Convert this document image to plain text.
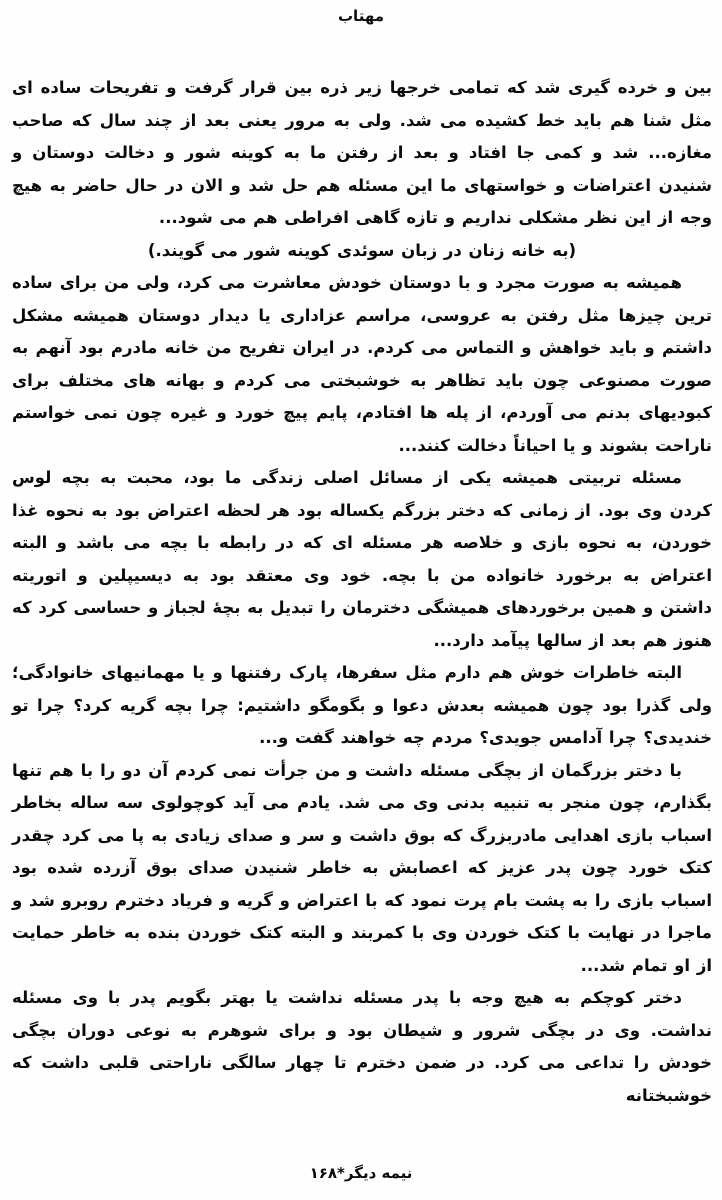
مهتاب

بین و خرده گیری شد که تمامی خرجها زیر ذره بین قرار گرفت و تفریحات ساده ای مثل شنا هم باید خط کشیده می شد. ولی به مرور یعنی بعد از چند سال که صاحب مغازه... شد و کمی جا افتاد و بعد از رفتن ما به کوینه شور و دخالت دوستان و شنیدن اعتراضات و خواستهای ما این مسئله هم حل شد و الان در حال حاضر به هیچ وجه از این نظر مشکلی نداریم و تازه گاهی افراطی هم می شود...

(به خانه زنان در زبان سوئدی کوینه شور می گویند.)

همیشه به صورت مجرد و با دوستان خودش معاشرت می کرد، ولی من برای ساده ترین چیزها مثل رفتن به عروسی، مراسم عزاداری یا دیدار دوستان همیشه مشکل داشتم و باید خواهش و التماس می کردم. در ایران تفریح من خانه مادرم بود آنهم به صورت مصنوعی چون باید تظاهر به خوشبختی می کردم و بهانه های مختلف برای کبودیهای بدنم می آوردم، از پله ها افتادم، پایم پیچ خورد و غیره چون نمی خواستم ناراحت بشوند و یا احیاناً دخالت کنند...

مسئله تربیتی همیشه یکی از مسائل اصلی زندگی ما بود، محبت به بچه لوس کردن وی بود. از زمانی که دختر بزرگم یکساله بود هر لحظه اعتراض بود به نحوه غذا خوردن، به نحوه بازی و خلاصه هر مسئله ای که در رابطه با بچه می باشد و البته اعتراض به برخورد خانواده من با بچه. خود وی معتقد بود به دیسیپلین و اتوریته داشتن و همین برخوردهای همیشگی دخترمان را تبدیل به بچهٔ لجباز و حساسی کرد که هنوز هم بعد از سالها پیآمد دارد...

البته خاطرات خوش هم دارم مثل سفرها، پارک رفتنها و یا مهمانیهای خانوادگی؛ ولی گذرا بود چون همیشه بعدش دعوا و بگومگو داشتیم: چرا بچه گریه کرد؟ چرا تو خندیدی؟ چرا آدامس جویدی؟ مردم چه خواهند گفت و...

با دختر بزرگمان از بچگی مسئله داشت و من جرأت نمی کردم آن دو را با هم تنها بگذارم، چون منجر به تنبیه بدنی وی می شد. یادم می آید کوچولوی سه ساله بخاطر اسباب بازی اهدایی مادربزرگ که بوق داشت و سر و صدای زیادی به پا می کرد چقدر کتک خورد چون پدر عزیز که اعصابش به خاطر شنیدن صدای بوق آزرده شده بود اسباب بازی را به پشت بام پرت نمود که با اعتراض و گریه و فریاد دخترم روبرو شد و ماجرا در نهایت با کتک خوردن وی با کمربند و البته کتک خوردن بنده به خاطر حمایت از او تمام شد...

دختر کوچکم به هیچ وجه با پدر مسئله نداشت یا بهتر بگویم پدر با وی مسئله نداشت. وی در بچگی شرور و شیطان بود و برای شوهرم به نوعی دوران بچگی خودش را تداعی می کرد. در ضمن دخترم تا چهار سالگی ناراحتی قلبی داشت که خوشبختانه

نیمه دیگر*۱۶۸
